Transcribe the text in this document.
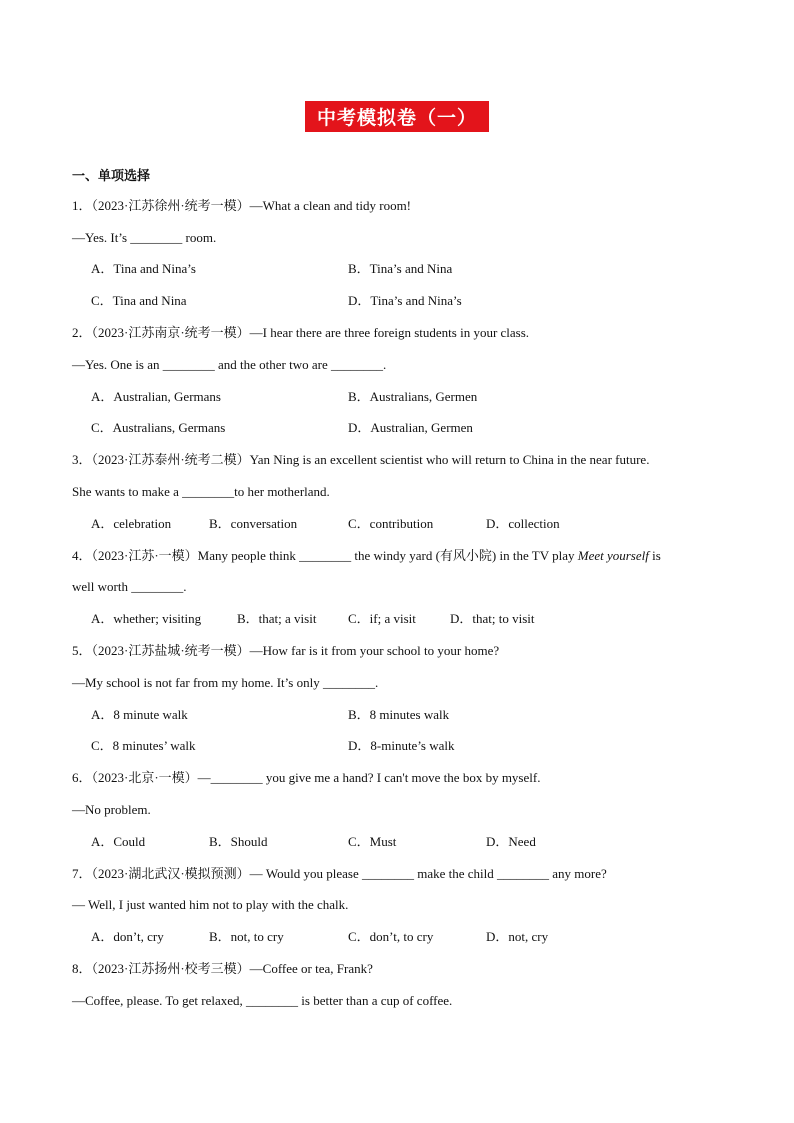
中考模拟卷（一）
一、单项选择
1．（2023·江苏徐州·统考一模）—What a clean and tidy room!
—Yes. It’s ________ room.
A．Tina and Nina’s	B．Tina’s and Nina
C．Tina and Nina	D．Tina’s and Nina’s
2．（2023·江苏南京·统考一模）—I hear there are three foreign students in your class.
—Yes. One is an ________ and the other two are ________.
A．Australian, Germans	B．Australians, Germen
C．Australians, Germans	D．Australian, Germen
3．（2023·江苏泰州·统考二模）Yan Ning is an excellent scientist who will return to China in the near future.
She wants to make a ________to her motherland.
A．celebration	B．conversation	C．contribution	D．collection
4．（2023·江苏·一模）Many people think ________ the windy yard (有风小院) in the TV play Meet yourself is
well worth ________.
A．whether; visiting	B．that; a visit C．if; a visit	D．that; to visit
5．（2023·江苏盐城·统考一模）—How far is it from your school to your home?
—My school is not far from my home. It’s only ________.
A．8 minute walk	B．8 minutes walk
C．8 minutes’ walk	D．8-minute’s walk
6．（2023·北京·一模）—________ you give me a hand? I can't move the box by myself.
—No problem.
A．Could	B．Should	C．Must	D．Need
7．（2023·湖北武汉·模拟预测）— Would you please ________ make the child ________ any more?
— Well, I just wanted him not to play with the chalk.
A．don’t, cry	B．not, to cry	C．don’t, to cry	D．not, cry
8．（2023·江苏扬州·校考三模）—Coffee or tea, Frank?
—Coffee, please. To get relaxed, ________ is better than a cup of coffee.
